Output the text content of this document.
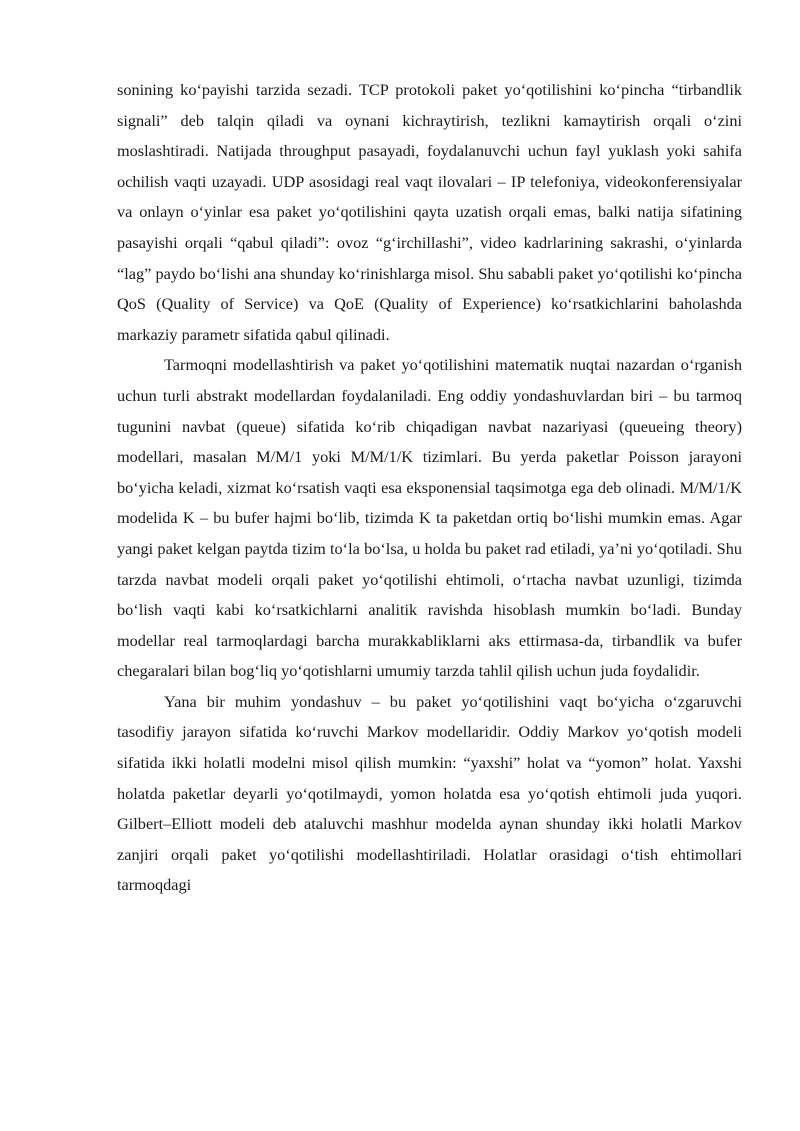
sonining koʻpayishi tarzida sezadi. TCP protokoli paket yoʻqotilishini koʻpincha “tirbandlik signali” deb talqin qiladi va oynani kichraytirish, tezlikni kamaytirish orqali oʻzini moslashtiradi. Natijada throughput pasayadi, foydalanuvchi uchun fayl yuklash yoki sahifa ochilish vaqti uzayadi. UDP asosidagi real vaqt ilovalari – IP telefoniya, videokonferensiyalar va onlayn oʻyinlar esa paket yoʻqotilishini qayta uzatish orqali emas, balki natija sifatining pasayishi orqali “qabul qiladi”: ovoz “gʻirchillashi”, video kadrlarining sakrashi, oʻyinlarda “lag” paydo boʻlishi ana shunday koʻrinishlarga misol. Shu sababli paket yoʻqotilishi koʻpincha QoS (Quality of Service) va QoE (Quality of Experience) koʻrsatkichlarini baholashda markaziy parametr sifatida qabul qilinadi.

Tarmoqni modellashtirish va paket yoʻqotilishini matematik nuqtai nazardan oʻrganish uchun turli abstrakt modellardan foydalaniladi. Eng oddiy yondashuvlardan biri – bu tarmoq tugunini navbat (queue) sifatida koʻrib chiqadigan navbat nazariyasi (queueing theory) modellari, masalan M/M/1 yoki M/M/1/K tizimlari. Bu yerda paketlar Poisson jarayoni boʻyicha keladi, xizmat koʻrsatish vaqti esa eksponensial taqsimotga ega deb olinadi. M/M/1/K modelida K – bu bufer hajmi boʻlib, tizimda K ta paketdan ortiq boʻlishi mumkin emas. Agar yangi paket kelgan paytda tizim toʻla boʻlsa, u holda bu paket rad etiladi, yaʼni yoʻqotiladi. Shu tarzda navbat modeli orqali paket yoʻqotilishi ehtimoli, oʻrtacha navbat uzunligi, tizimda boʻlish vaqti kabi koʻrsatkichlarni analitik ravishda hisoblash mumkin boʻladi. Bunday modellar real tarmoqlardagi barcha murakkabliklarni aks ettirmasa-da, tirbandlik va bufer chegaralari bilan bogʻliq yoʻqotishlarni umumiy tarzda tahlil qilish uchun juda foydalidir.

Yana bir muhim yondashuv – bu paket yoʻqotilishini vaqt boʻyicha oʻzgaruvchi tasodifiy jarayon sifatida koʻruvchi Markov modellaridir. Oddiy Markov yoʻqotish modeli sifatida ikki holatli modelni misol qilish mumkin: “yaxshi” holat va “yomon” holat. Yaxshi holatda paketlar deyarli yoʻqotilmaydi, yomon holatda esa yoʻqotish ehtimoli juda yuqori. Gilbert–Elliott modeli deb ataluvchi mashhur modelda aynan shunday ikki holatli Markov zanjiri orqali paket yoʻqotilishi modellashtiriladi. Holatlar orasidagi oʻtish ehtimollari tarmoqdagi
